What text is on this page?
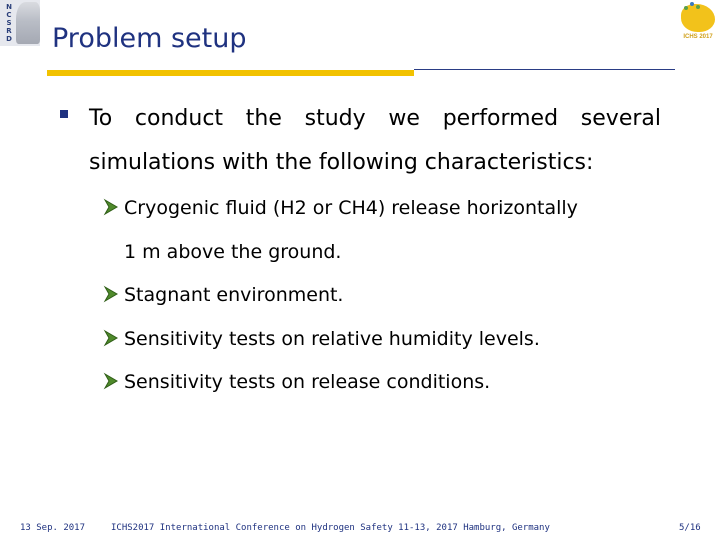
N
C
S
R
D	ICHS 2017
Problem setup
To conduct the study we performed several simulations with the following characteristics:
Cryogenic fluid (H2 or CH4) release horizontally
1 m above the ground.
Stagnant environment.
Sensitivity tests on relative humidity levels.
Sensitivity tests on release conditions.
13 Sep. 2017	ICHS2017 International Conference on Hydrogen Safety 11-13, 2017 Hamburg, Germany	5/16
